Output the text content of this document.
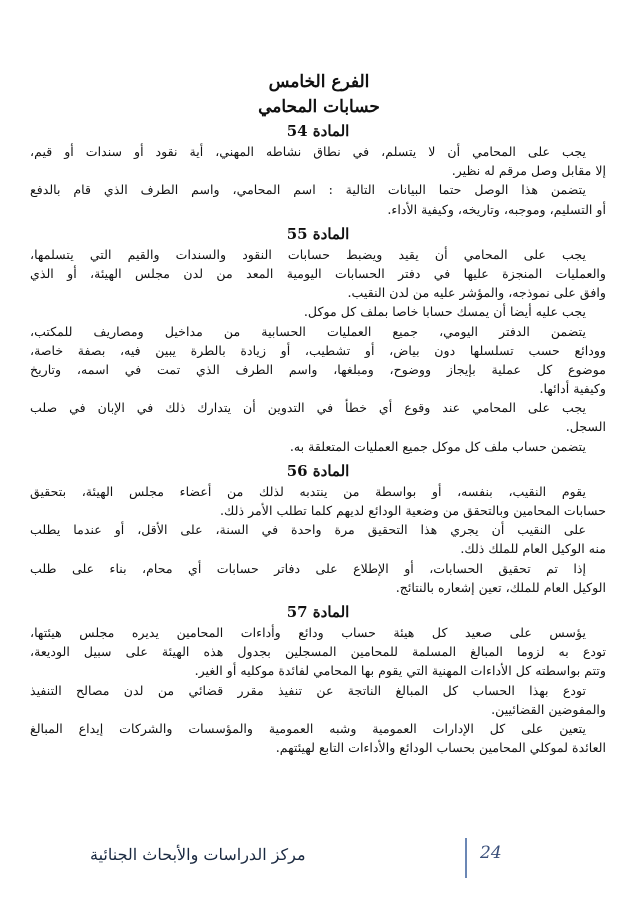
الفرع الخامس
حسابات المحامي
المادة 54
يجب على المحامي أن لا يتسلم، في نطاق نشاطه المهني، أية نقود أو سندات أو قيم،
إلا مقابل وصل مرقم له نظير.
يتضمن هذا الوصل حتما البيانات التالية : اسم المحامي، واسم الطرف الذي قام بالدفع
أو التسليم، وموجبه، وتاريخه، وكيفية الأداء.
المادة 55
يجب على المحامي أن يقيد ويضبط حسابات النقود والسندات والقيم التي يتسلمها،
والعمليات المنجزة عليها في دفتر الحسابات اليومية المعد من لدن مجلس الهيئة، أو الذي
وافق على نموذجه، والمؤشر عليه من لدن النقيب.
يجب عليه أيضا أن يمسك حسابا خاصا بملف كل موكل.
يتضمن الدفتر اليومي، جميع العمليات الحسابية من مداخيل ومصاريف للمكتب،
وودائع حسب تسلسلها دون بياض، أو تشطيب، أو زيادة بالطرة يبين فيه، بصفة خاصة،
موضوع كل عملية بإيجاز ووضوح، ومبلغها، واسم الطرف الذي تمت في اسمه، وتاريخ
وكيفية أدائها.
يجب على المحامي عند وقوع أي خطأ في التدوين أن يتدارك ذلك في الإبان في صلب
السجل.
يتضمن حساب ملف كل موكل جميع العمليات المتعلقة به.
المادة 56
يقوم النقيب، بنفسه، أو بواسطة من ينتدبه لذلك من أعضاء مجلس الهيئة، بتحقيق
حسابات المحامين وبالتحقق من وضعية الودائع لديهم كلما تطلب الأمر ذلك.
على النقيب أن يجري هذا التحقيق مرة واحدة في السنة، على الأقل، أو عندما يطلب
منه الوكيل العام للملك ذلك.
إذا تم تحقيق الحسابات، أو الإطلاع على دفاتر حسابات أي محام، بناء على طلب
الوكيل العام للملك، تعين إشعاره بالنتائج.
المادة 57
يؤسس على صعيد كل هيئة حساب ودائع وأداءات المحامين يديره مجلس هيئتها،
تودع به لزوما المبالغ المسلمة للمحامين المسجلين بجدول هذه الهيئة على سبيل الوديعة،
وتتم بواسطته كل الأداءات المهنية التي يقوم بها المحامي لفائدة موكليه أو الغير.
تودع بهذا الحساب كل المبالغ الناتجة عن تنفيذ مقرر قضائي من لدن مصالح التنفيذ
والمفوضين القضائيين.
يتعين على كل الإدارات العمومية وشبه العمومية والمؤسسات والشركات إيداع المبالغ
العائدة لموكلي المحامين بحساب الودائع والأداءات التابع لهيئتهم.
24
مركز الدراسات والأبحاث الجنائية
